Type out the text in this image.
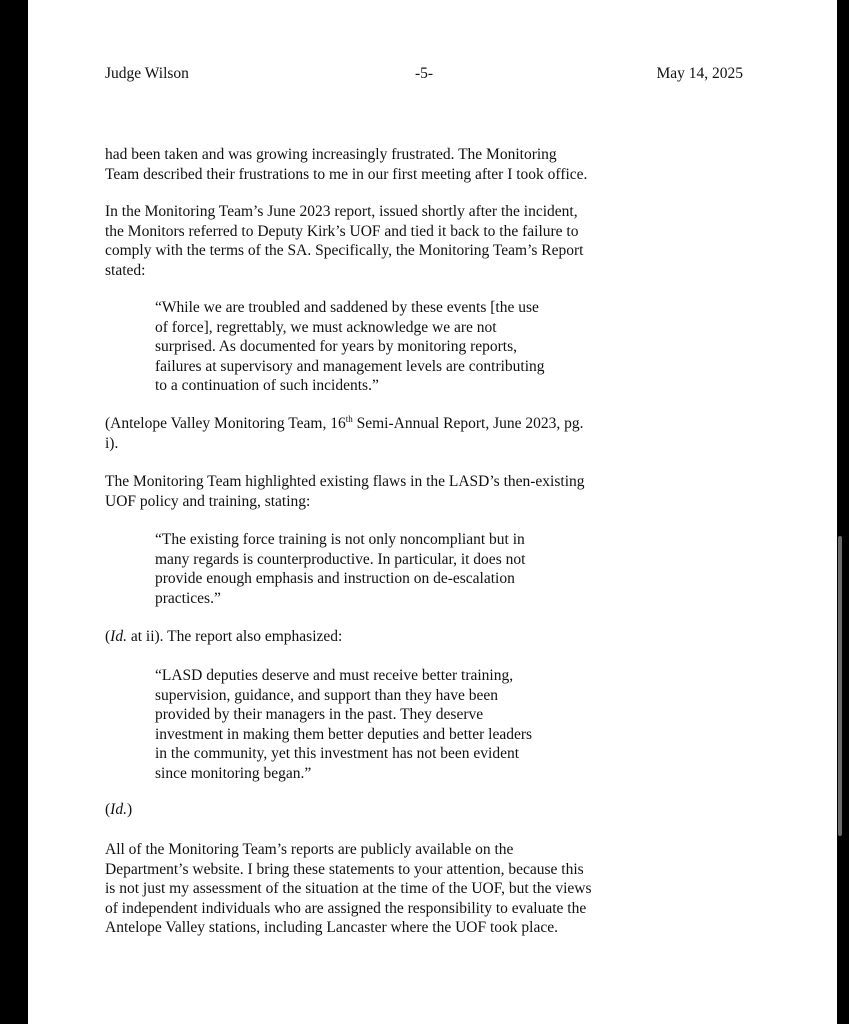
Judge Wilson	-5-	May 14, 2025

had been taken and was growing increasingly frustrated. The Monitoring
Team described their frustrations to me in our first meeting after I took office.

In the Monitoring Team’s June 2023 report, issued shortly after the incident,
the Monitors referred to Deputy Kirk’s UOF and tied it back to the failure to
comply with the terms of the SA. Specifically, the Monitoring Team’s Report
stated:

“While we are troubled and saddened by these events [the use
of force], regrettably, we must acknowledge we are not
surprised. As documented for years by monitoring reports,
failures at supervisory and management levels are contributing
to a continuation of such incidents.”

(Antelope Valley Monitoring Team, 16th Semi-Annual Report, June 2023, pg.
i).

The Monitoring Team highlighted existing flaws in the LASD’s then-existing
UOF policy and training, stating:

“The existing force training is not only noncompliant but in
many regards is counterproductive. In particular, it does not
provide enough emphasis and instruction on de-escalation
practices.”

(Id. at ii). The report also emphasized:

“LASD deputies deserve and must receive better training,
supervision, guidance, and support than they have been
provided by their managers in the past. They deserve
investment in making them better deputies and better leaders
in the community, yet this investment has not been evident
since monitoring began.”

(Id.)

All of the Monitoring Team’s reports are publicly available on the
Department’s website. I bring these statements to your attention, because this
is not just my assessment of the situation at the time of the UOF, but the views
of independent individuals who are assigned the responsibility to evaluate the
Antelope Valley stations, including Lancaster where the UOF took place.
